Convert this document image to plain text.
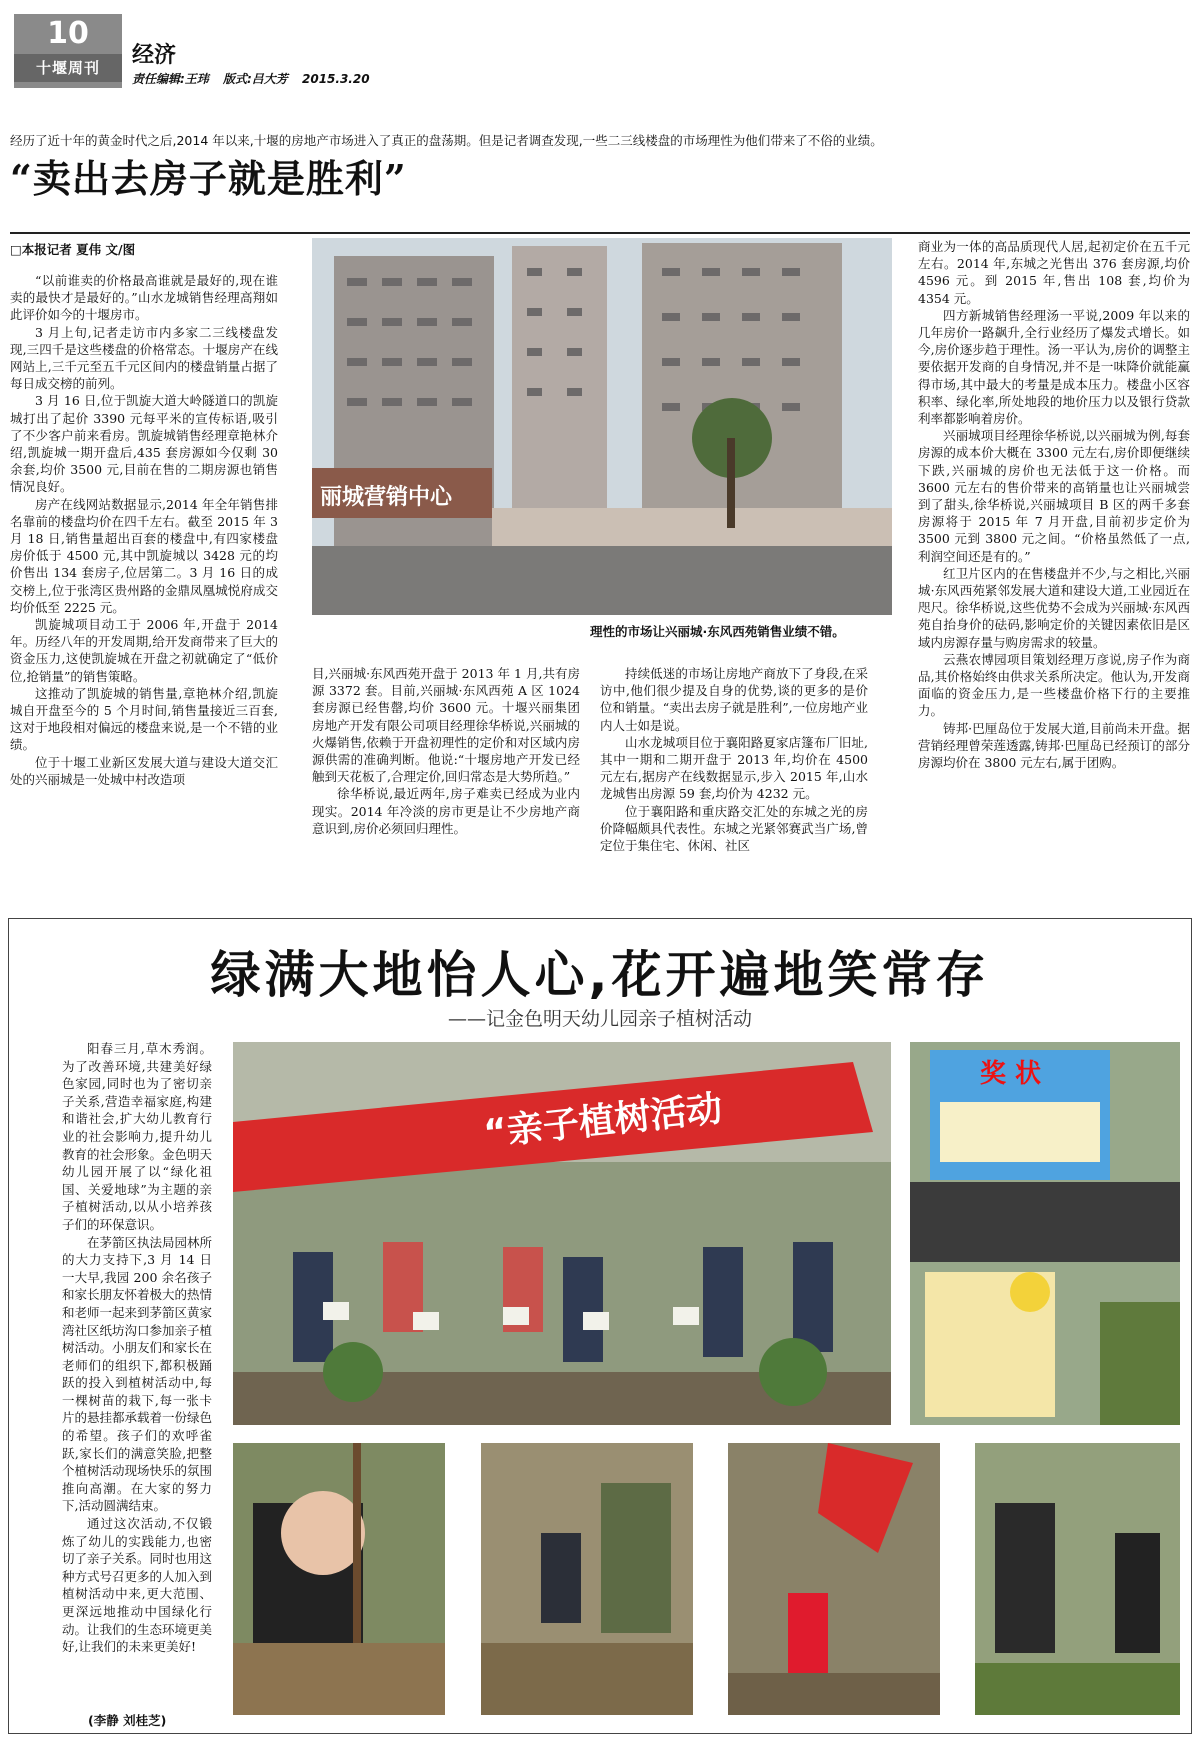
10
十堰周刊	经济
责任编辑:王玮 版式:吕大芳 2015.3.20
经历了近十年的黄金时代之后,2014 年以来,十堰的房地产市场进入了真正的盘荡期。但是记者调查发现,一些二三线楼盘的市场理性为他们带来了不俗的业绩。
“卖出去房子就是胜利”
□本报记者 夏伟 文/图

“以前谁卖的价格最高谁就是最好的,现在谁卖的最快才是最好的。”山水龙城销售经理高翔如此评价如今的十堰房市。

3 月上旬,记者走访市内多家二三线楼盘发现,三四千是这些楼盘的价格常态。十堰房产在线网站上,三千元至五千元区间内的楼盘销量占据了每日成交榜的前列。

3 月 16 日,位于凯旋大道大岭隧道口的凯旋城打出了起价 3390 元每平米的宣传标语,吸引了不少客户前来看房。凯旋城销售经理章艳林介绍,凯旋城一期开盘后,435 套房源如今仅剩 30 余套,均价 3500 元,目前在售的二期房源也销售情况良好。

房产在线网站数据显示,2014 年全年销售排名靠前的楼盘均价在四千左右。截至 2015 年 3 月 18 日,销售量超出百套的楼盘中,有四家楼盘房价低于 4500 元,其中凯旋城以 3428 元的均价售出 134 套房子,位居第二。3 月 16 日的成交榜上,位于张湾区贵州路的金鼎凤凰城悦府成交均价低至 2225 元。

凯旋城项目动工于 2006 年,开盘于 2014 年。历经八年的开发周期,给开发商带来了巨大的资金压力,这使凯旋城在开盘之初就确定了“低价位,抢销量”的销售策略。

这推动了凯旋城的销售量,章艳林介绍,凯旋城自开盘至今的 5 个月时间,销售量接近三百套,这对于地段相对偏远的楼盘来说,是一个不错的业绩。

位于十堰工业新区发展大道与建设大道交汇处的兴丽城是一处城中村改造项

丽城营销中心
理性的市场让兴丽城·东风西苑销售业绩不错。

目,兴丽城·东风西苑开盘于 2013 年 1 月,共有房源 3372 套。目前,兴丽城·东风西苑 A 区 1024 套房源已经售罄,均价 3600 元。十堰兴丽集团房地产开发有限公司项目经理徐华桥说,兴丽城的火爆销售,依赖于开盘初理性的定价和对区域内房源供需的准确判断。他说:“十堰房地产开发已经触到天花板了,合理定价,回归常态是大势所趋。”

徐华桥说,最近两年,房子难卖已经成为业内现实。2014 年冷淡的房市更是让不少房地产商意识到,房价必须回归理性。

持续低迷的市场让房地产商放下了身段,在采访中,他们很少提及自身的优势,谈的更多的是价位和销量。“卖出去房子就是胜利”,一位房地产业内人士如是说。

山水龙城项目位于襄阳路夏家店篷布厂旧址,其中一期和二期开盘于 2013 年,均价在 4500 元左右,据房产在线数据显示,步入 2015 年,山水龙城售出房源 59 套,均价为 4232 元。

位于襄阳路和重庆路交汇处的东城之光的房价降幅颇具代表性。东城之光紧邻赛武当广场,曾定位于集住宅、休闲、社区

商业为一体的高品质现代人居,起初定价在五千元左右。2014 年,东城之光售出 376 套房源,均价 4596 元。到 2015 年,售出 108 套,均价为 4354 元。

四方新城销售经理汤一平说,2009 年以来的几年房价一路飙升,全行业经历了爆发式增长。如今,房价逐步趋于理性。汤一平认为,房价的调整主要依据开发商的自身情况,并不是一味降价就能赢得市场,其中最大的考量是成本压力。楼盘小区容积率、绿化率,所处地段的地价压力以及银行贷款利率都影响着房价。

兴丽城项目经理徐华桥说,以兴丽城为例,每套房源的成本价大概在 3300 元左右,房价即便继续下跌,兴丽城的房价也无法低于这一价格。而 3600 元左右的售价带来的高销量也让兴丽城尝到了甜头,徐华桥说,兴丽城项目 B 区的两千多套房源将于 2015 年 7 月开盘,目前初步定价为 3500 元到 3800 元之间。“价格虽然低了一点,利润空间还是有的。”

红卫片区内的在售楼盘并不少,与之相比,兴丽城·东风西苑紧邻发展大道和建设大道,工业园近在咫尺。徐华桥说,这些优势不会成为兴丽城·东风西苑自抬身价的砝码,影响定价的关键因素依旧是区域内房源存量与购房需求的较量。

云燕农博园项目策划经理万彦说,房子作为商品,其价格始终由供求关系所决定。他认为,开发商面临的资金压力,是一些楼盘价格下行的主要推力。

铸邦·巴厘岛位于发展大道,目前尚未开盘。据营销经理曾荣莲透露,铸邦·巴厘岛已经预订的部分房源均价在 3800 元左右,属于团购。

绿满大地怡人心,花开遍地笑常存
——记金色明天幼儿园亲子植树活动

阳春三月,草木秀润。为了改善环境,共建美好绿色家园,同时也为了密切亲子关系,营造幸福家庭,构建和谐社会,扩大幼儿教育行业的社会影响力,提升幼儿教育的社会形象。金色明天幼儿园开展了以“绿化祖国、关爱地球”为主题的亲子植树活动,以从小培养孩子们的环保意识。

在茅箭区执法局园林所的大力支持下,3 月 14 日一大早,我园 200 余名孩子和家长朋友怀着极大的热情和老师一起来到茅箭区黄家湾社区纸坊沟口参加亲子植树活动。小朋友们和家长在老师们的组织下,都积极踊跃的投入到植树活动中,每一棵树苗的栽下,每一张卡片的悬挂都承载着一份绿色的希望。孩子们的欢呼雀跃,家长们的满意笑脸,把整个植树活动现场快乐的氛围推向高潮。在大家的努力下,活动圆满结束。

通过这次活动,不仅锻炼了幼儿的实践能力,也密切了亲子关系。同时也用这种方式号召更多的人加入到植树活动中来,更大范围、更深远地推动中国绿化行动。让我们的生态环境更美好,让我们的未来更美好!

(李静 刘桂芝)
“亲子植树活动
奖 状
